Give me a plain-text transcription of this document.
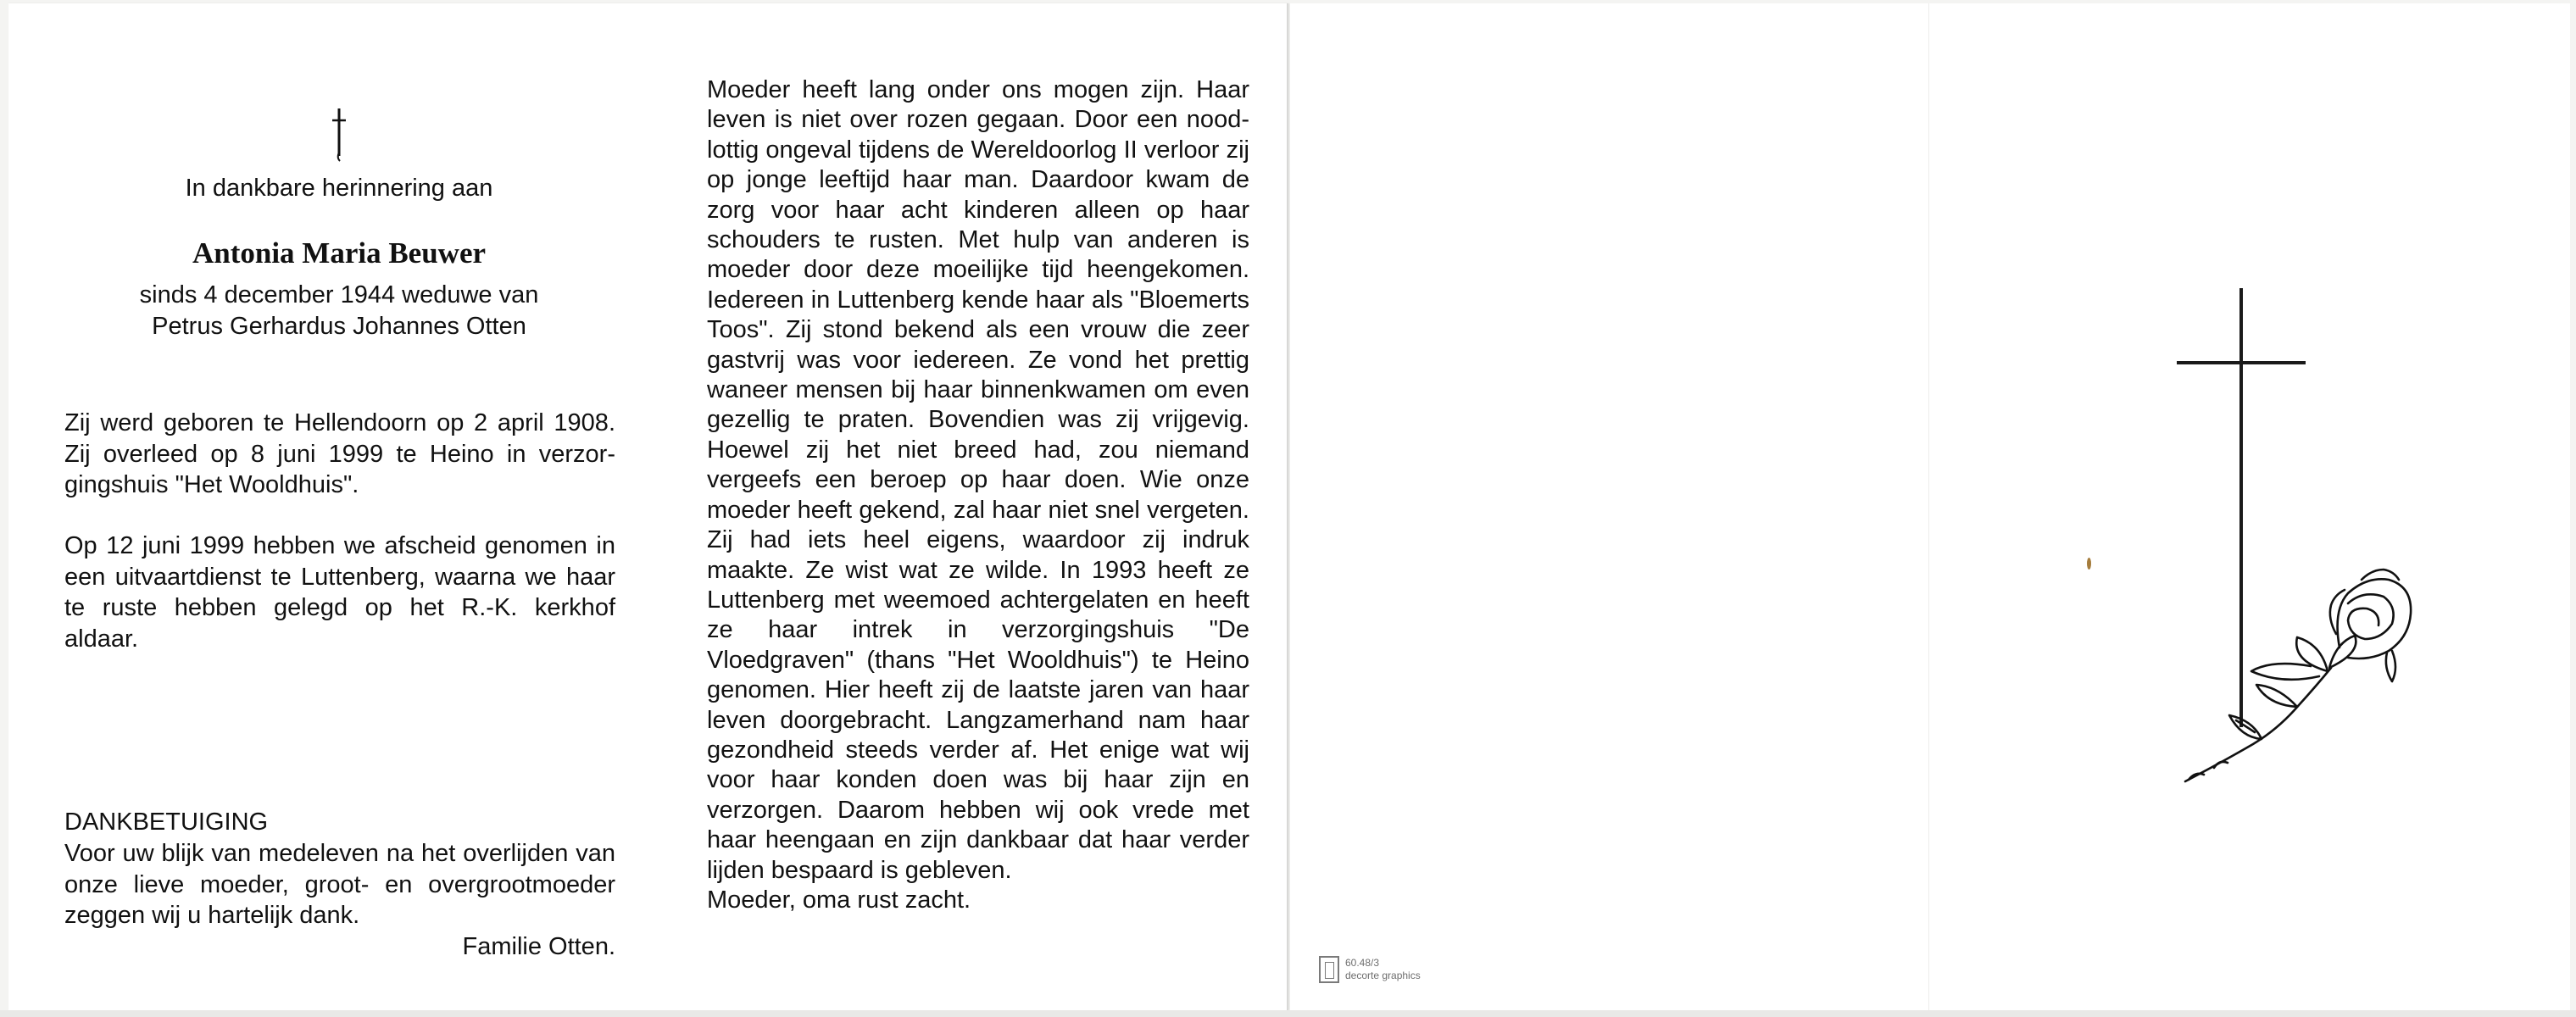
In dankbare herinnering aan
Antonia Maria Beuwer
sinds 4 december 1944 weduwe van
Petrus Gerhardus Johannes Otten
Zij werd geboren te Hellendoorn op 2 april 1908. Zij overleed op 8 juni 1999 te Heino in verzorgingshuis "Het Wooldhuis".
Op 12 juni 1999 hebben we afscheid genomen in een uitvaartdienst te Luttenberg, waarna we haar te ruste hebben gelegd op het R.-K. kerkhof aldaar.
DANKBETUIGING
Voor uw blijk van medeleven na het overlijden van onze lieve moeder, groot- en overgrootmoeder zeggen wij u hartelijk dank.
Familie Otten.
Moeder heeft lang onder ons mogen zijn. Haar leven is niet over rozen gegaan. Door een noodlottig ongeval tijdens de Wereldoorlog II verloor zij op jonge leeftijd haar man. Daardoor kwam de zorg voor haar acht kinderen alleen op haar schouders te rusten. Met hulp van anderen is moeder door deze moeilijke tijd heengekomen. Iedereen in Luttenberg kende haar als "Bloemerts Toos". Zij stond bekend als een vrouw die zeer gastvrij was voor iedereen. Ze vond het prettig waneer mensen bij haar binnenkwamen om even gezellig te praten. Bovendien was zij vrijgevig. Hoewel zij het niet breed had, zou niemand vergeefs een beroep op haar doen. Wie onze moeder heeft gekend, zal haar niet snel vergeten. Zij had iets heel eigens, waardoor zij indruk maakte. Ze wist wat ze wilde. In 1993 heeft ze Luttenberg met weemoed achtergelaten en heeft ze haar intrek in verzorgingshuis "De Vloedgraven" (thans "Het Wooldhuis") te Heino genomen. Hier heeft zij de laatste jaren van haar leven doorgebracht. Langzamerhand nam haar gezondheid steeds verder af. Het enige wat wij voor haar konden doen was bij haar zijn en verzorgen. Daarom hebben wij ook vrede met haar heengaan en zijn dankbaar dat haar verder lijden bespaard is gebleven.
Moeder, oma rust zacht.
60.48/3
decorte graphics
